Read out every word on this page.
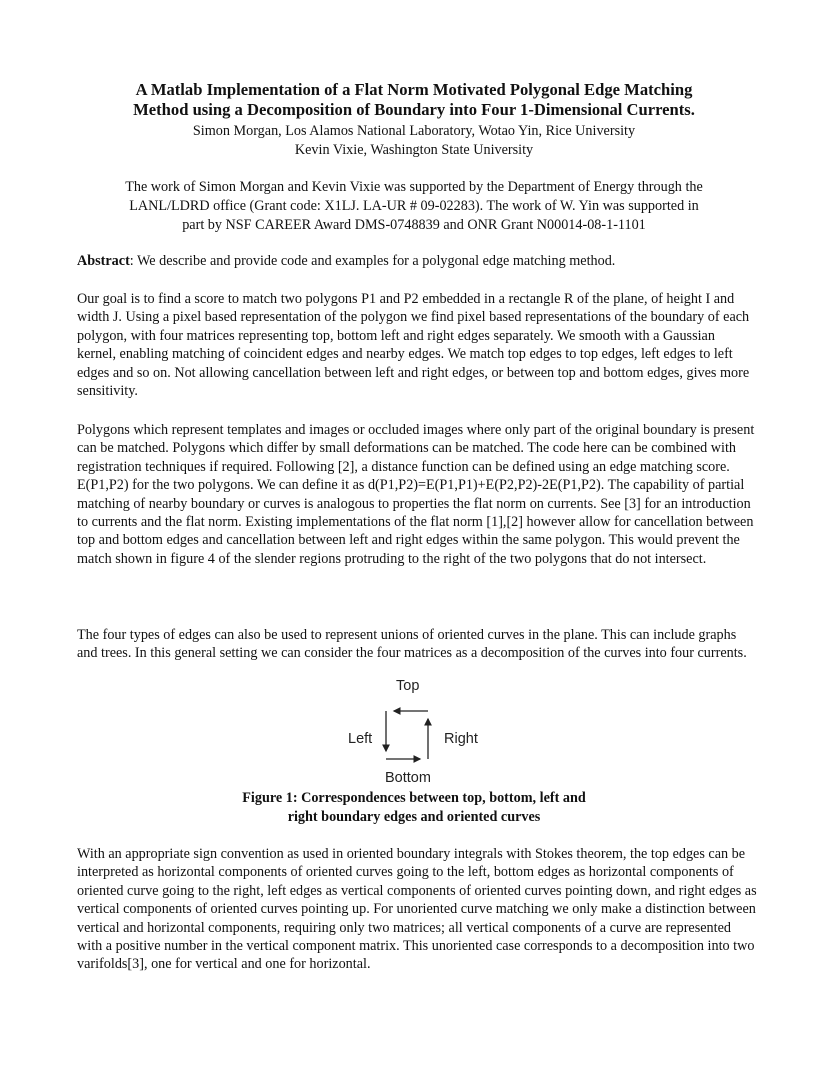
A Matlab Implementation of a Flat Norm Motivated Polygonal Edge Matching
Method using a Decomposition of Boundary into Four 1-Dimensional Currents.
Simon Morgan, Los Alamos National Laboratory, Wotao Yin, Rice University
Kevin Vixie, Washington State University
The work of Simon Morgan and Kevin Vixie was supported by the Department of Energy through the
LANL/LDRD office (Grant code: X1LJ. LA-UR # 09-02283). The work of W. Yin was supported in
part by NSF CAREER Award DMS-0748839 and ONR Grant N00014-08-1-1101

Abstract: We describe and provide code and examples for a polygonal edge matching method.

Our goal is to find a score to match two polygons P1 and P2 embedded in a rectangle R of the plane, of height I and width J. Using a pixel based representation of the polygon we find pixel based representations of the boundary of each polygon, with four matrices representing top, bottom left and right edges separately. We smooth with a Gaussian kernel, enabling matching of coincident edges and nearby edges. We match top edges to top edges, left edges to left edges and so on. Not allowing cancellation between left and right edges, or between top and bottom edges, gives more sensitivity.

Polygons which represent templates and images or occluded images where only part of the original boundary is present can be matched. Polygons which differ by small deformations can be matched. The code here can be combined with registration techniques if required. Following [2], a distance function can be defined using an edge matching score. E(P1,P2) for the two polygons. We can define it as d(P1,P2)=E(P1,P1)+E(P2,P2)-2E(P1,P2). The capability of partial matching of nearby boundary or curves is analogous to properties the flat norm on currents. See [3] for an introduction to currents and the flat norm. Existing implementations of the flat norm [1],[2] however allow for cancellation between top and bottom edges and cancellation between left and right edges within the same polygon. This would prevent the match shown in figure 4 of the slender regions protruding to the right of the two polygons that do not intersect.

The four types of edges can also be used to represent unions of oriented curves in the plane. This can include graphs and trees. In this general setting we can consider the four matrices as a decomposition of the curves into four currents.

Top
Left	Right
Bottom
Figure 1: Correspondences between top, bottom, left and
right boundary edges and oriented curves

With an appropriate sign convention as used in oriented boundary integrals with Stokes theorem, the top edges can be interpreted as horizontal components of oriented curves going to the left, bottom edges as horizontal components of oriented curve going to the right, left edges as vertical components of oriented curves pointing down, and right edges as vertical components of oriented curves pointing up. For unoriented curve matching we only make a distinction between vertical and horizontal components, requiring only two matrices; all vertical components of a curve are represented with a positive number in the vertical component matrix. This unoriented case corresponds to a decomposition into two varifolds[3], one for vertical and one for horizontal.
